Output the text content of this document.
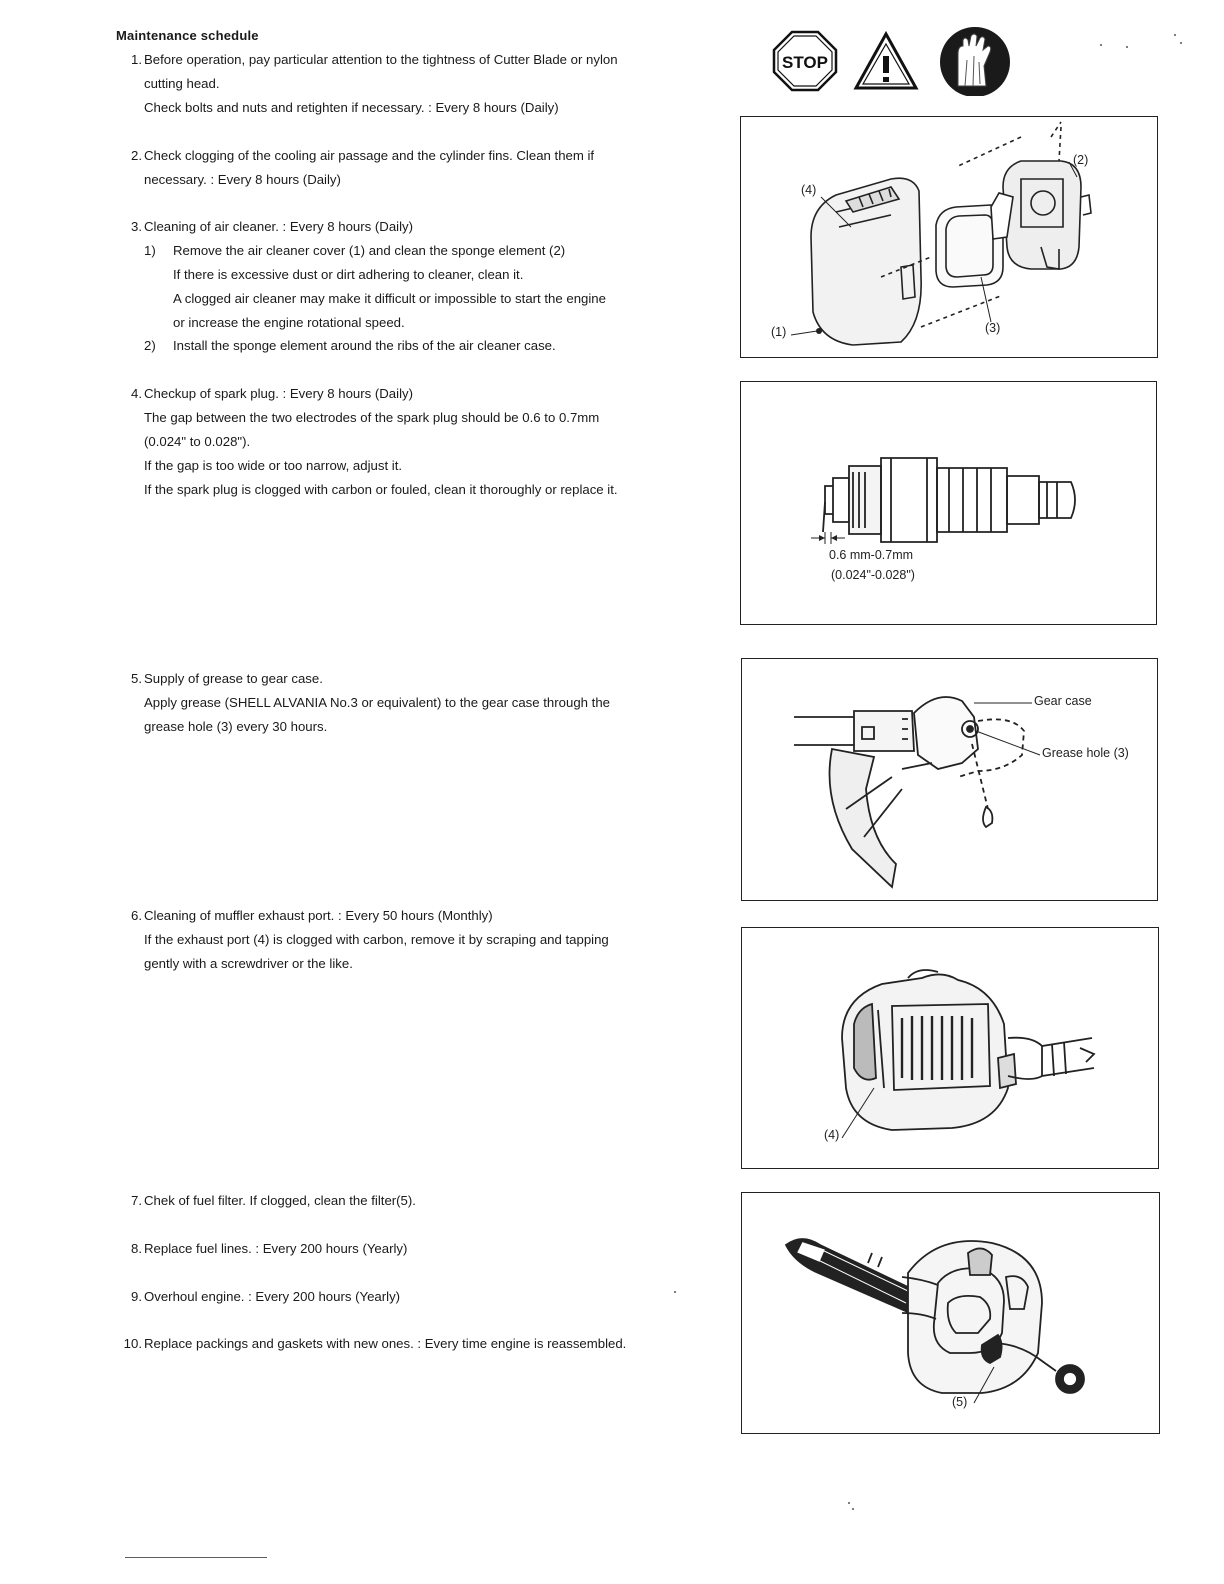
Maintenance schedule
STOP
1. Before operation, pay particular attention to the tightness of Cutter Blade or nylon
cutting head.
Check bolts and nuts and retighten if necessary. : Every 8 hours (Daily)
2. Check clogging of the cooling air passage and the cylinder fins. Clean them if
necessary. : Every 8 hours (Daily)
3. Cleaning of air cleaner. : Every 8 hours (Daily)
1) Remove the air cleaner cover (1) and clean the sponge element (2)
If there is excessive dust or dirt adhering to cleaner, clean it.
A clogged air cleaner may make it difficult or impossible to start the engine
or increase the engine rotational speed.
2) Install the sponge element around the ribs of the air cleaner case.
4. Checkup of spark plug. : Every 8 hours (Daily)
The gap between the two electrodes of the spark plug should be 0.6 to 0.7mm
(0.024" to 0.028").
If the gap is too wide or too narrow, adjust it.
If the spark plug is clogged with carbon or fouled, clean it thoroughly or replace it.
5. Supply of grease to gear case.
Apply grease (SHELL ALVANIA No.3 or equivalent) to the gear case through the
grease hole (3) every 30 hours.
6. Cleaning of muffler exhaust port. : Every 50 hours (Monthly)
If the exhaust port (4) is clogged with carbon, remove it by scraping and tapping
gently with a screwdriver or the like.
7. Chek of fuel filter. If clogged, clean the filter(5).
8. Replace fuel lines. : Every 200 hours (Yearly)
9. Overhoul engine. : Every 200 hours (Yearly)
10. Replace packings and gaskets with new ones. : Every time engine is reassembled.
(1)
(2)
(3)
(4)
0.6 mm-0.7mm
(0.024"-0.028")
Gear case
Grease hole (3)
(4)
(5)
